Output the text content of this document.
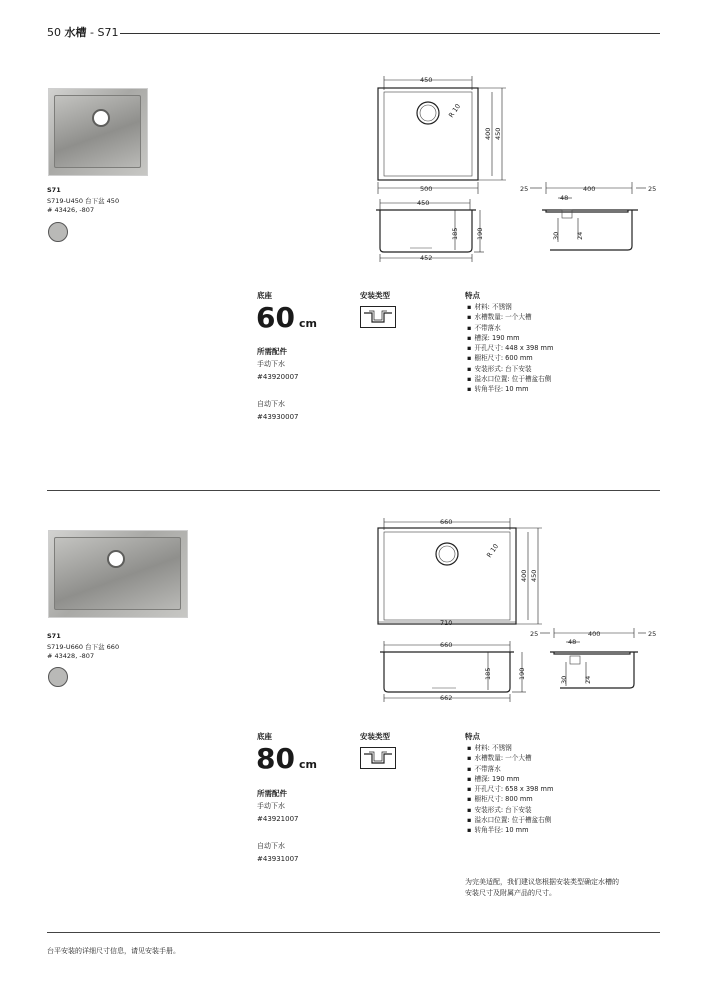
50 水槽 - S71
S71
S719-U450 台下盆 450
# 43426, -807
450
R 10
400 450
500
450
185	190
452
25	400	25
48
30 24
底座
60 cm
所需配件
手动下水
#43920007
自动下水
#43930007
安装类型	特点
▪ 材料: 不锈钢
▪ 水槽数量: 一个大槽
▪ 不带落水
▪ 槽深: 190 mm
▪ 开孔尺寸: 448 x 398 mm
▪ 橱柜尺寸: 600 mm
▪ 安装形式: 台下安装
▪ 溢水口位置: 位于槽盆右侧
▪ 转角半径: 10 mm
S71
S719-U660 台下盆 660
# 43428, -807
660
R 10
400 450
710
660
185	190
662
25	400	25
48
30 24
底座
80 cm
所需配件
手动下水
#43921007
自动下水
#43931007
安装类型	特点
▪ 材料: 不锈钢
▪ 水槽数量: 一个大槽
▪ 不带落水
▪ 槽深: 190 mm
▪ 开孔尺寸: 658 x 398 mm
▪ 橱柜尺寸: 800 mm
▪ 安装形式: 台下安装
▪ 溢水口位置: 位于槽盆右侧
▪ 转角半径: 10 mm
为完美适配，我们建议您根据安装类型确定水槽的
安装尺寸及附属产品的尺寸。
台平安装的详细尺寸信息，请见安装手册。
